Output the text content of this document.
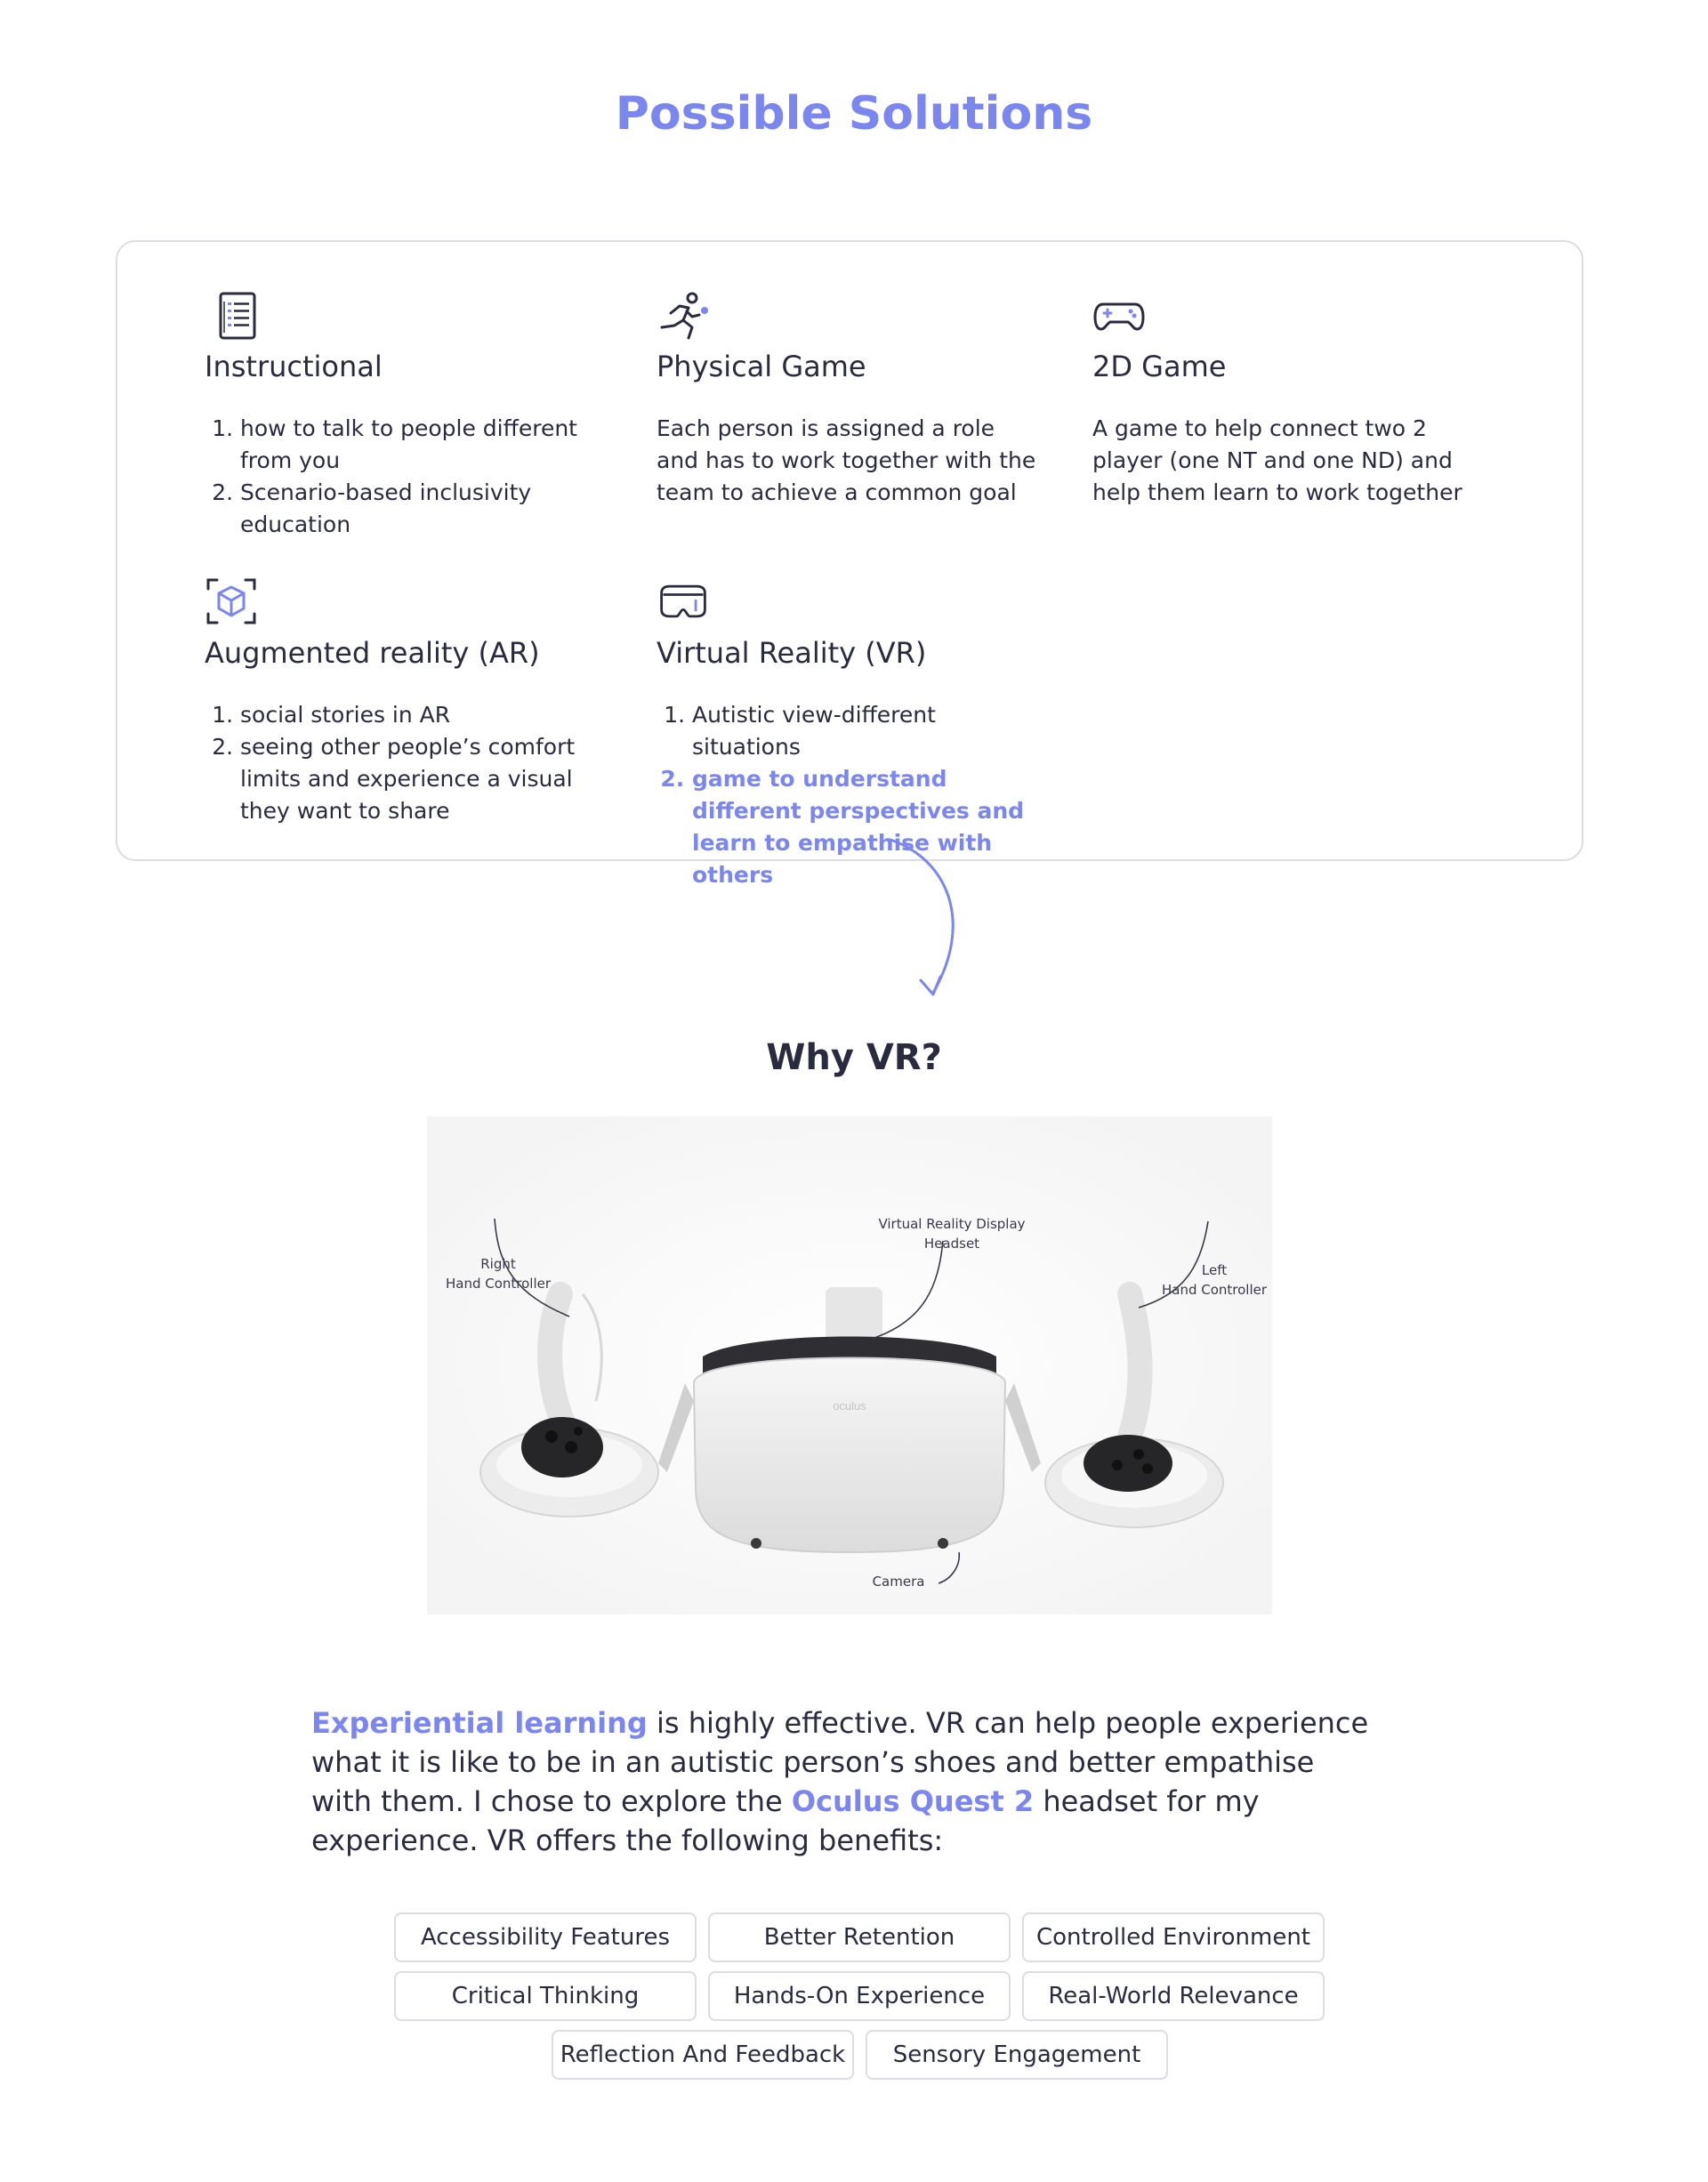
Possible Solutions
Instructional
1. how to talk to people different from you
2. Scenario-based inclusivity education
Physical Game

Each person is assigned a role and has to work together with the team to achieve a common goal

2D Game

A game to help connect two 2 player (one NT and one ND) and help them learn to work together

Augmented reality (AR)
1. social stories in AR
2. seeing other people’s comfort limits and experience a visual they want to share
Virtual Reality (VR)
1. Autistic view-different situations
2. game to understand different perspectives and learn to empathise with others
Why VR?
oculus
Right
Hand Controller
Virtual Reality Display
Headset
Left
Hand Controller
Camera

Experiential learning is highly effective. VR can help people experience what it is like to be in an autistic person’s shoes and better empathise with them. I chose to explore the Oculus Quest 2 headset for my experience. VR offers the following benefits:

Accessibility Features	Better Retention	Controlled Environment
Critical Thinking	Hands-On Experience	Real-World Relevance
Reflection And Feedback	Sensory Engagement
